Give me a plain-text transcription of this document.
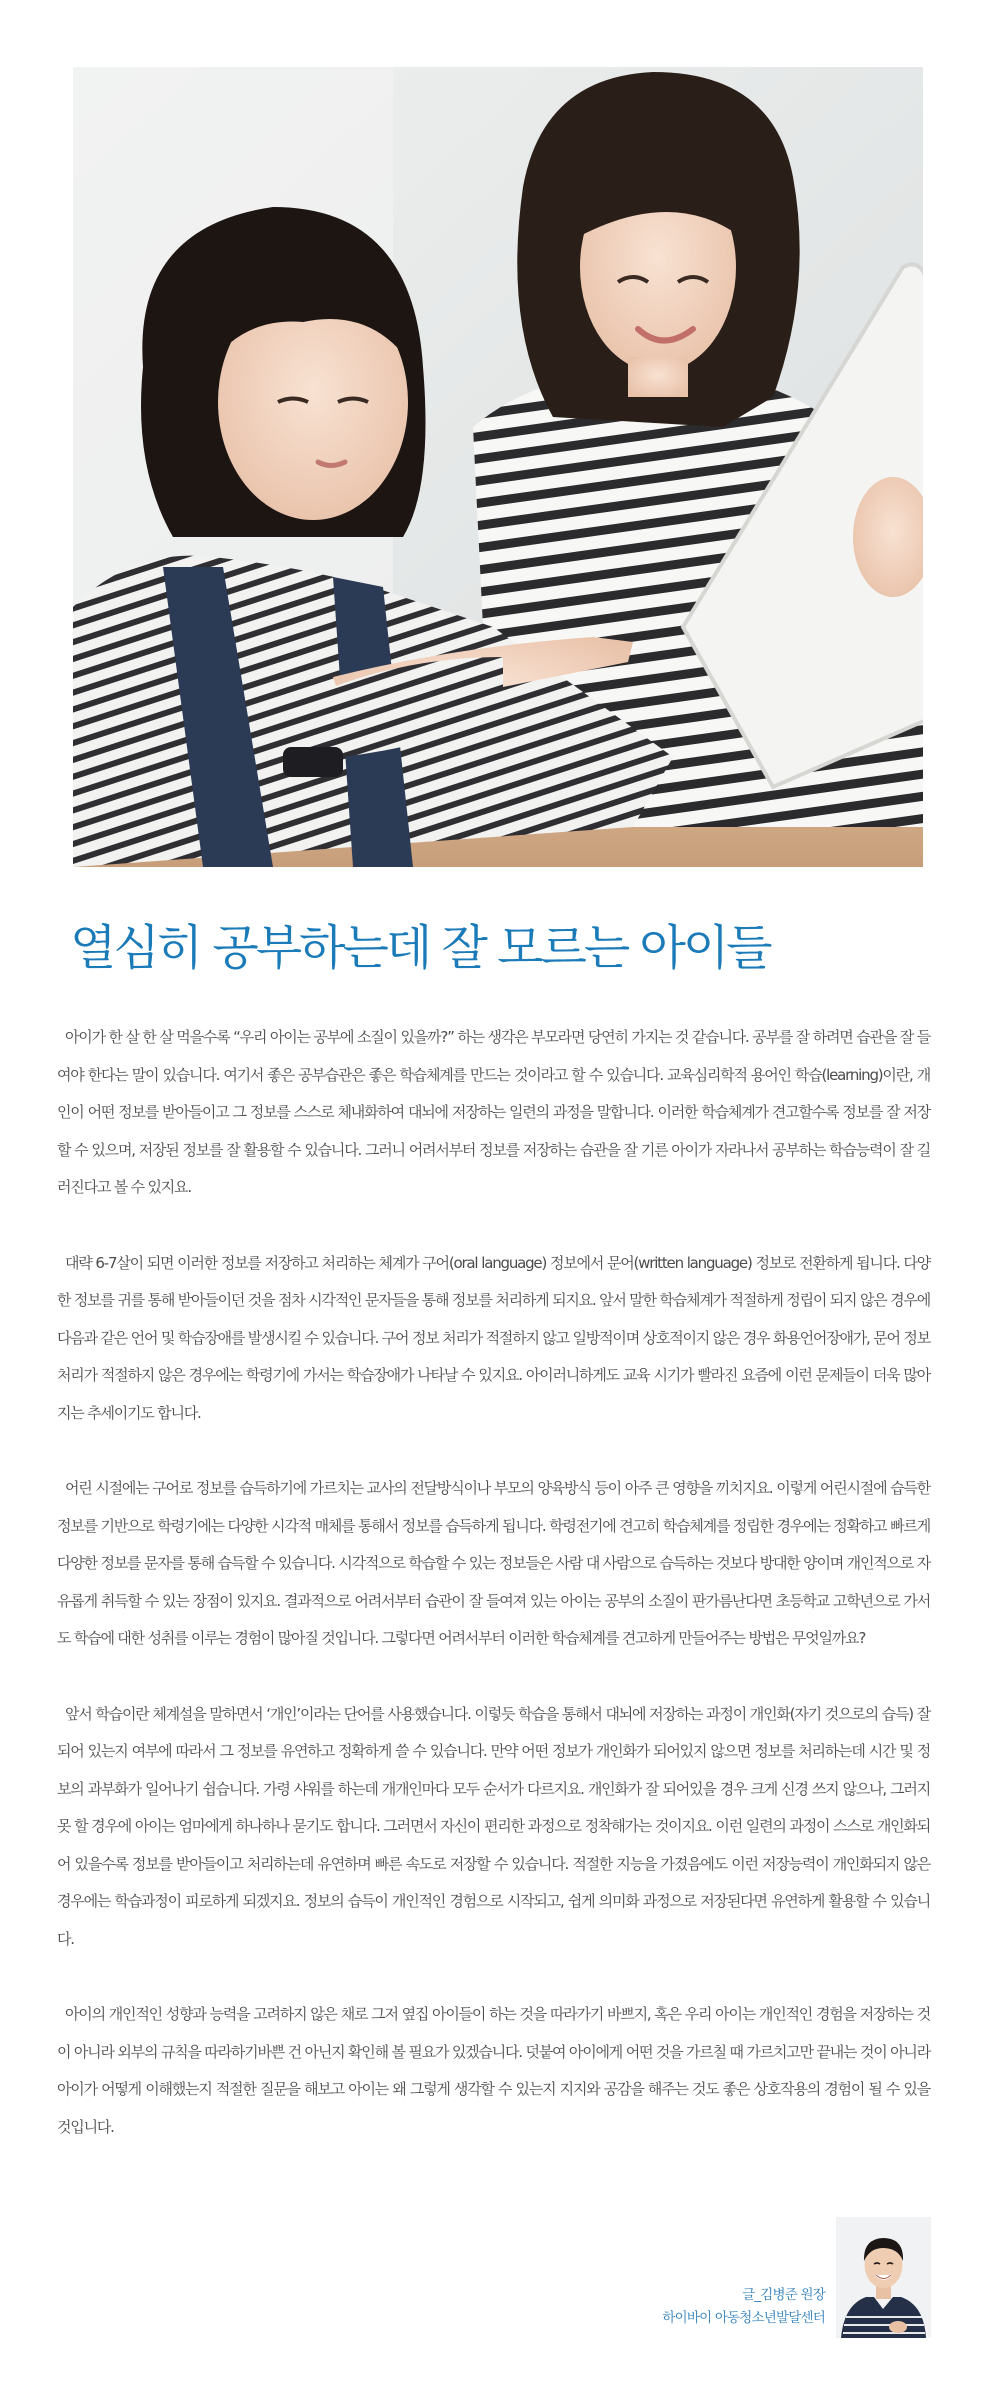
열심히 공부하는데 잘 모르는 아이들

아이가 한 살 한 살 먹을수록 “우리 아이는 공부에 소질이 있을까?” 하는 생각은 부모라면 당연히 가지는 것 같습니다. 공부를 잘 하려면 습관을 잘 들여야 한다는 말이 있습니다. 여기서 좋은 공부습관은 좋은 학습체계를 만드는 것이라고 할 수 있습니다. 교육심리학적 용어인 학습(learning)이란, 개인이 어떤 정보를 받아들이고 그 정보를 스스로 체내화하여 대뇌에 저장하는 일련의 과정을 말합니다. 이러한 학습체계가 견고할수록 정보를 잘 저장할 수 있으며, 저장된 정보를 잘 활용할 수 있습니다. 그러니 어려서부터 정보를 저장하는 습관을 잘 기른 아이가 자라나서 공부하는 학습능력이 잘 길러진다고 볼 수 있지요.

대략 6-7살이 되면 이러한 정보를 저장하고 처리하는 체계가 구어(oral language) 정보에서 문어(written language) 정보로 전환하게 됩니다. 다양한 정보를 귀를 통해 받아들이던 것을 점차 시각적인 문자들을 통해 정보를 처리하게 되지요. 앞서 말한 학습체계가 적절하게 정립이 되지 않은 경우에 다음과 같은 언어 및 학습장애를 발생시킬 수 있습니다. 구어 정보 처리가 적절하지 않고 일방적이며 상호적이지 않은 경우 화용언어장애가, 문어 정보 처리가 적절하지 않은 경우에는 학령기에 가서는 학습장애가 나타날 수 있지요. 아이러니하게도 교육 시기가 빨라진 요즘에 이런 문제들이 더욱 많아지는 추세이기도 합니다.

어린 시절에는 구어로 정보를 습득하기에 가르치는 교사의 전달방식이나 부모의 양육방식 등이 아주 큰 영향을 끼치지요. 이렇게 어린시절에 습득한 정보를 기반으로 학령기에는 다양한 시각적 매체를 통해서 정보를 습득하게 됩니다. 학령전기에 견고히 학습체계를 정립한 경우에는 정확하고 빠르게 다양한 정보를 문자를 통해 습득할 수 있습니다. 시각적으로 학습할 수 있는 정보들은 사람 대 사람으로 습득하는 것보다 방대한 양이며 개인적으로 자유롭게 취득할 수 있는 장점이 있지요. 결과적으로 어려서부터 습관이 잘 들여져 있는 아이는 공부의 소질이 판가름난다면 초등학교 고학년으로 가서도 학습에 대한 성취를 이루는 경험이 많아질 것입니다. 그렇다면 어려서부터 이러한 학습체계를 견고하게 만들어주는 방법은 무엇일까요?

앞서 학습이란 체계설을 말하면서 ‘개인’이라는 단어를 사용했습니다. 이렇듯 학습을 통해서 대뇌에 저장하는 과정이 개인화(자기 것으로의 습득) 잘 되어 있는지 여부에 따라서 그 정보를 유연하고 정확하게 쓸 수 있습니다. 만약 어떤 정보가 개인화가 되어있지 않으면 정보를 처리하는데 시간 및 정보의 과부화가 일어나기 쉽습니다. 가령 샤워를 하는데 개개인마다 모두 순서가 다르지요. 개인화가 잘 되어있을 경우 크게 신경 쓰지 않으나, 그러지 못 할 경우에 아이는 엄마에게 하나하나 묻기도 합니다. 그러면서 자신이 편리한 과정으로 정착해가는 것이지요. 이런 일련의 과정이 스스로 개인화되어 있을수록 정보를 받아들이고 처리하는데 유연하며 빠른 속도로 저장할 수 있습니다. 적절한 지능을 가졌음에도 이런 저장능력이 개인화되지 않은 경우에는 학습과정이 피로하게 되겠지요. 정보의 습득이 개인적인 경험으로 시작되고, 쉽게 의미화 과정으로 저장된다면 유연하게 활용할 수 있습니다.

아이의 개인적인 성향과 능력을 고려하지 않은 채로 그저 옆집 아이들이 하는 것을 따라가기 바쁘지, 혹은 우리 아이는 개인적인 경험을 저장하는 것이 아니라 외부의 규칙을 따라하기바쁜 건 아닌지 확인해 볼 필요가 있겠습니다. 덧붙여 아이에게 어떤 것을 가르칠 때 가르치고만 끝내는 것이 아니라 아이가 어떻게 이해했는지 적절한 질문을 해보고 아이는 왜 그렇게 생각할 수 있는지 지지와 공감을 해주는 것도 좋은 상호작용의 경험이 될 수 있을 것입니다.

글_김병준 원장
하이바이 아동청소년발달센터
